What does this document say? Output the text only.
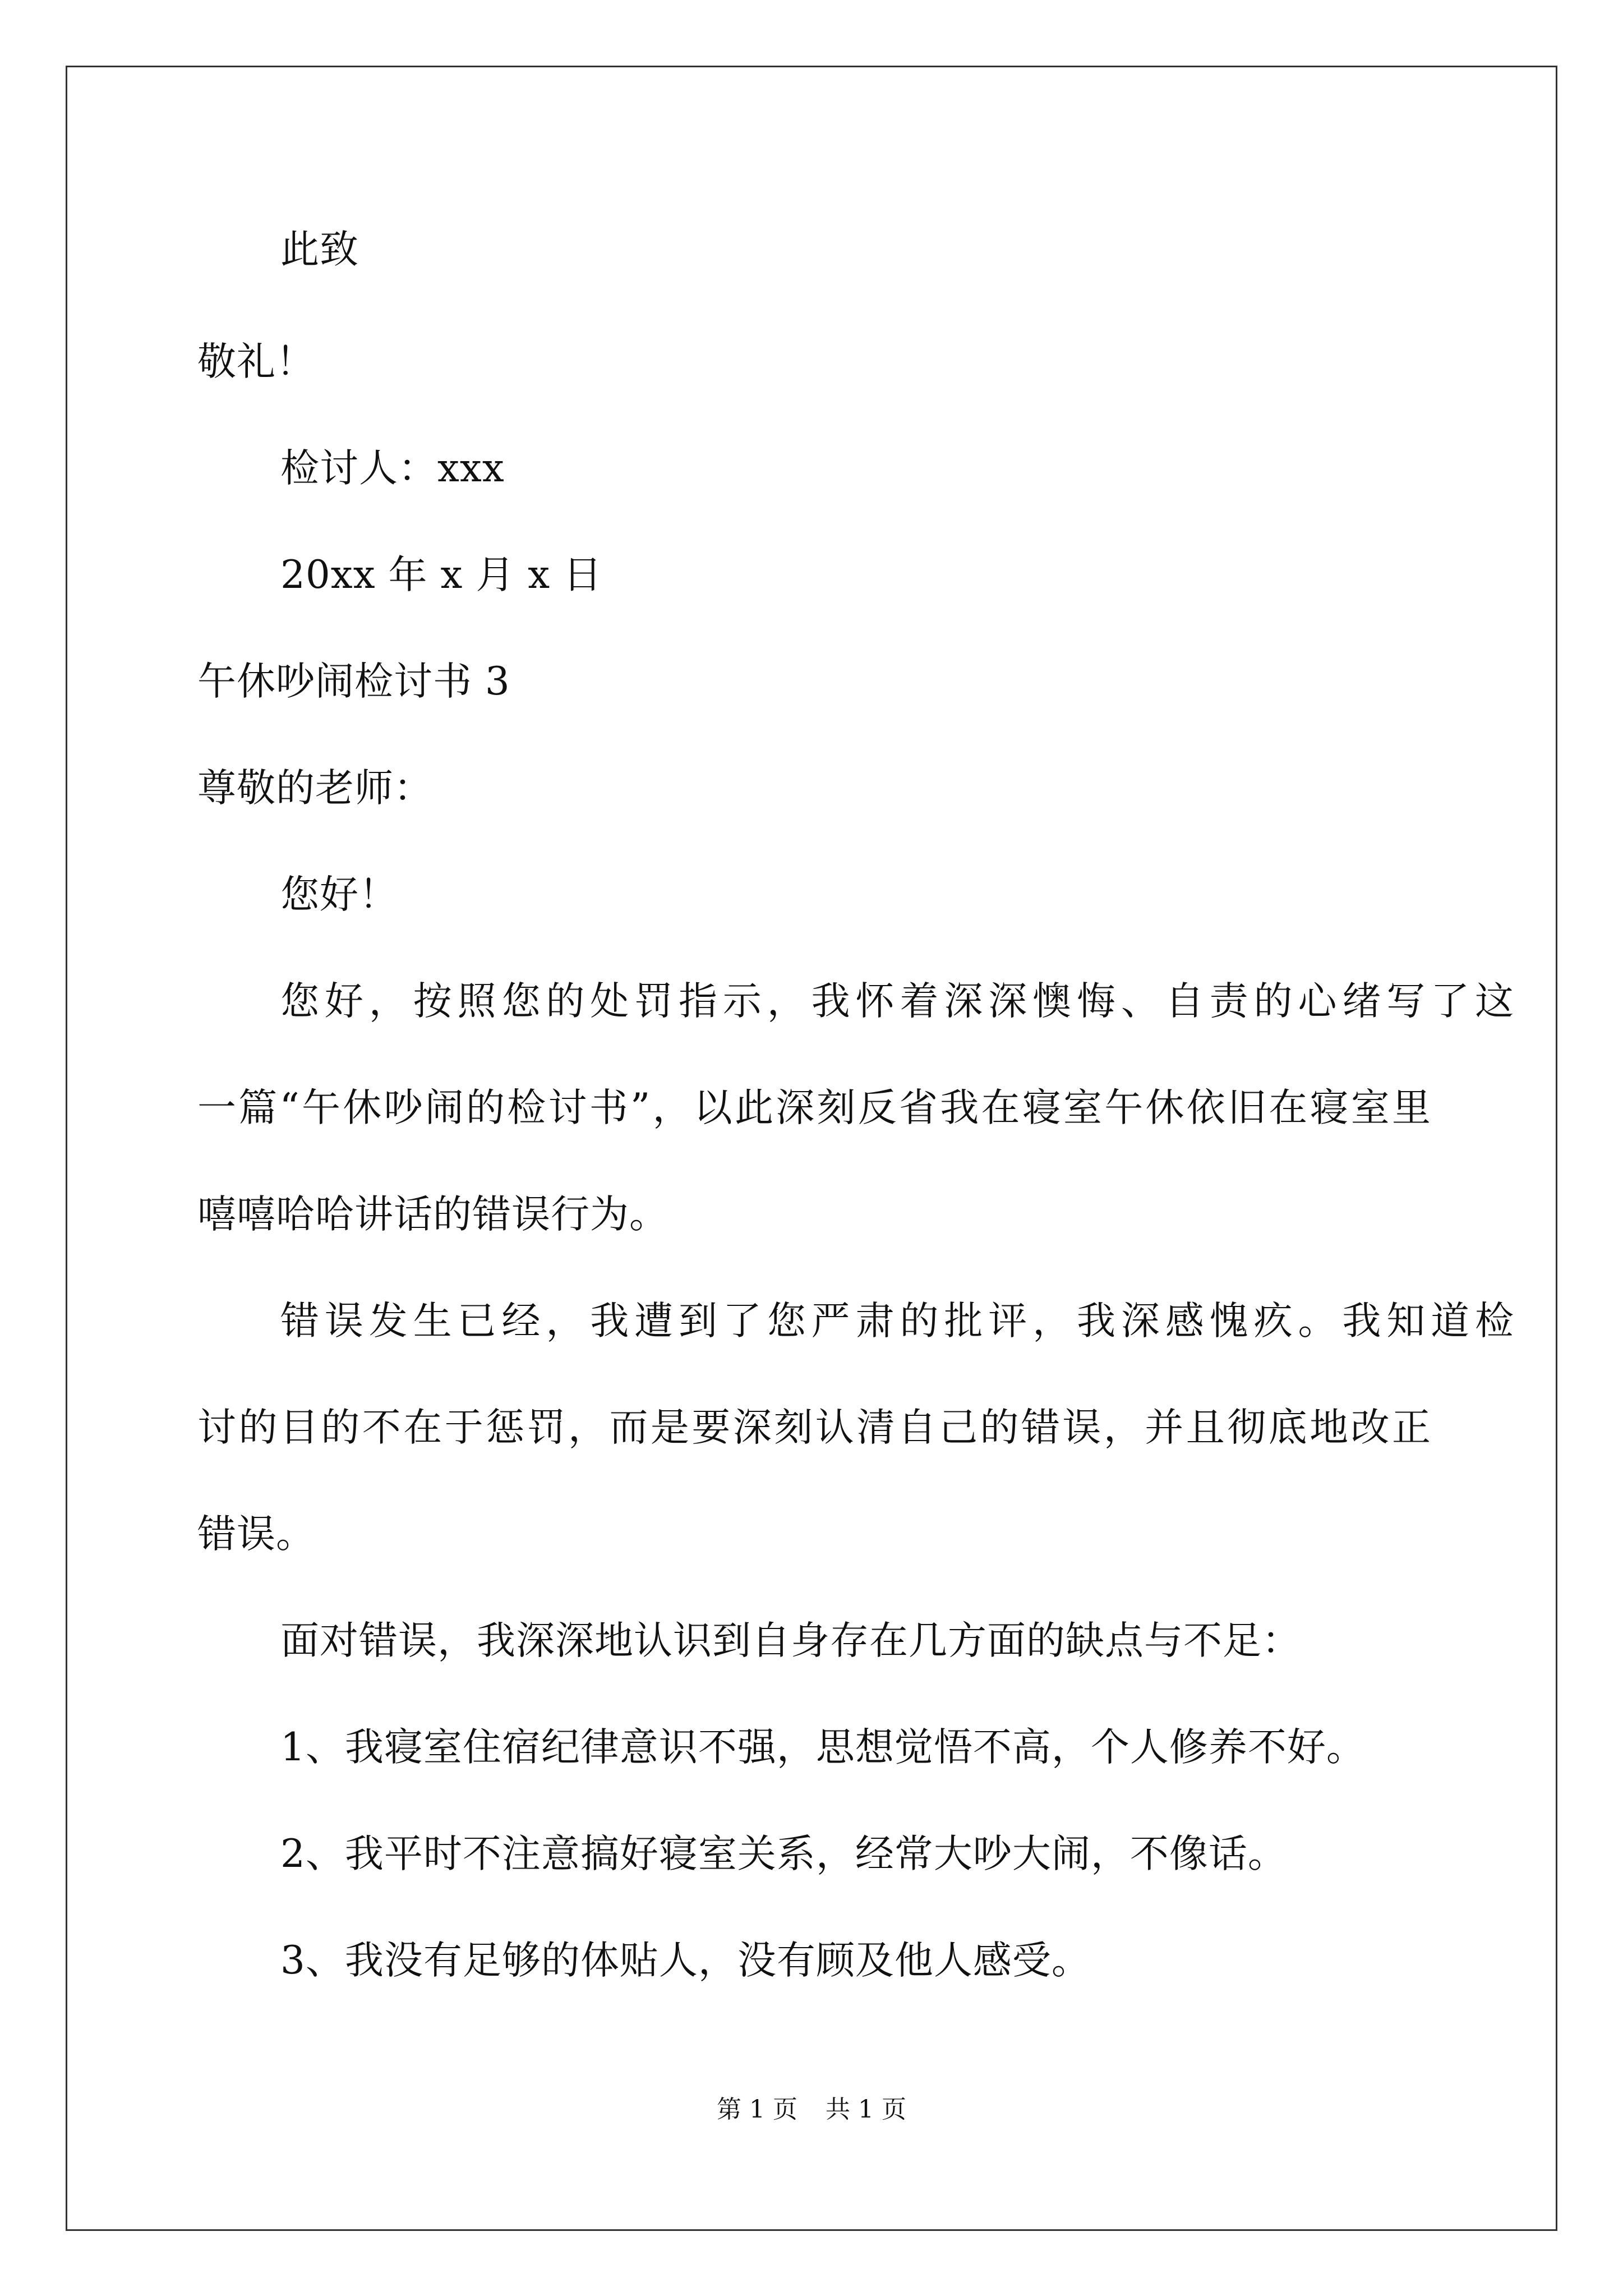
此致
敬礼！
检讨人：xxx
20xx 年 x 月 x 日
午休吵闹检讨书 3
尊敬的老师：
您好！
您好，按照您的处罚指示，我怀着深深懊悔、自责的心绪写了这
一篇“午休吵闹的检讨书”，以此深刻反省我在寝室午休依旧在寝室里
嘻嘻哈哈讲话的错误行为。
错误发生已经，我遭到了您严肃的批评，我深感愧疚。我知道检
讨的目的不在于惩罚，而是要深刻认清自己的错误，并且彻底地改正
错误。
面对错误，我深深地认识到自身存在几方面的缺点与不足：
1、我寝室住宿纪律意识不强，思想觉悟不高，个人修养不好。
2、我平时不注意搞好寝室关系，经常大吵大闹，不像话。
3、我没有足够的体贴人，没有顾及他人感受。
第 1 页 共 1 页
